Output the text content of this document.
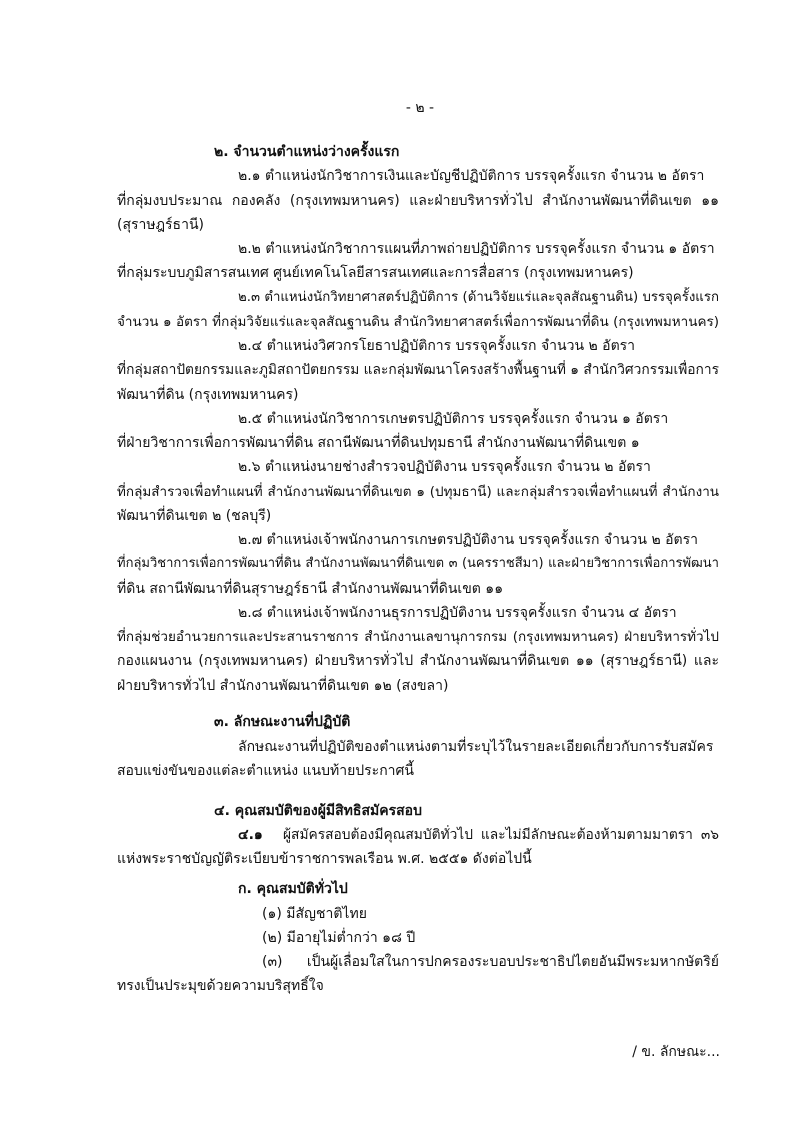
- ๒ -
๒. จำนวนตำแหน่งว่างครั้งแรก
๒.๑ ตำแหน่งนักวิชาการเงินและบัญชีปฏิบัติการ บรรจุครั้งแรก จำนวน ๒ อัตรา
ที่กลุ่มงบประมาณ กองคลัง (กรุงเทพมหานคร) และฝ่ายบริหารทั่วไป สำนักงานพัฒนาที่ดินเขต ๑๑
(สุราษฎร์ธานี)
๒.๒ ตำแหน่งนักวิชาการแผนที่ภาพถ่ายปฏิบัติการ บรรจุครั้งแรก จำนวน ๑ อัตรา
ที่กลุ่มระบบภูมิสารสนเทศ ศูนย์เทคโนโลยีสารสนเทศและการสื่อสาร (กรุงเทพมหานคร)
๒.๓ ตำแหน่งนักวิทยาศาสตร์ปฏิบัติการ (ด้านวิจัยแร่และจุลสัณฐานดิน) บรรจุครั้งแรก
จำนวน ๑ อัตรา ที่กลุ่มวิจัยแร่และจุลสัณฐานดิน สำนักวิทยาศาสตร์เพื่อการพัฒนาที่ดิน (กรุงเทพมหานคร)
๒.๔ ตำแหน่งวิศวกรโยธาปฏิบัติการ บรรจุครั้งแรก จำนวน ๒ อัตรา
ที่กลุ่มสถาปัตยกรรมและภูมิสถาปัตยกรรม และกลุ่มพัฒนาโครงสร้างพื้นฐานที่ ๑ สำนักวิศวกรรมเพื่อการ
พัฒนาที่ดิน (กรุงเทพมหานคร)
๒.๕ ตำแหน่งนักวิชาการเกษตรปฏิบัติการ บรรจุครั้งแรก จำนวน ๑ อัตรา
ที่ฝ่ายวิชาการเพื่อการพัฒนาที่ดิน สถานีพัฒนาที่ดินปทุมธานี สำนักงานพัฒนาที่ดินเขต ๑
๒.๖ ตำแหน่งนายช่างสำรวจปฏิบัติงาน บรรจุครั้งแรก จำนวน ๒ อัตรา
ที่กลุ่มสำรวจเพื่อทำแผนที่ สำนักงานพัฒนาที่ดินเขต ๑ (ปทุมธานี) และกลุ่มสำรวจเพื่อทำแผนที่ สำนักงาน
พัฒนาที่ดินเขต ๒ (ชลบุรี)
๒.๗ ตำแหน่งเจ้าพนักงานการเกษตรปฏิบัติงาน บรรจุครั้งแรก จำนวน ๒ อัตรา
ที่กลุ่มวิชาการเพื่อการพัฒนาที่ดิน สำนักงานพัฒนาที่ดินเขต ๓ (นครราชสีมา) และฝ่ายวิชาการเพื่อการพัฒนา
ที่ดิน สถานีพัฒนาที่ดินสุราษฎร์ธานี สำนักงานพัฒนาที่ดินเขต ๑๑
๒.๘ ตำแหน่งเจ้าพนักงานธุรการปฏิบัติงาน บรรจุครั้งแรก จำนวน ๔ อัตรา
ที่กลุ่มช่วยอำนวยการและประสานราชการ สำนักงานเลขานุการกรม (กรุงเทพมหานคร) ฝ่ายบริหารทั่วไป
กองแผนงาน (กรุงเทพมหานคร) ฝ่ายบริหารทั่วไป สำนักงานพัฒนาที่ดินเขต ๑๑ (สุราษฎร์ธานี) และ
ฝ่ายบริหารทั่วไป สำนักงานพัฒนาที่ดินเขต ๑๒ (สงขลา)
๓. ลักษณะงานที่ปฏิบัติ
ลักษณะงานที่ปฏิบัติของตำแหน่งตามที่ระบุไว้ในรายละเอียดเกี่ยวกับการรับสมัคร
สอบแข่งขันของแต่ละตำแหน่ง แนบท้ายประกาศนี้
๔. คุณสมบัติของผู้มีสิทธิสมัครสอบ
๔.๑ ผู้สมัครสอบต้องมีคุณสมบัติทั่วไป และไม่มีลักษณะต้องห้ามตามมาตรา ๓๖
แห่งพระราชบัญญัติระเบียบข้าราชการพลเรือน พ.ศ. ๒๕๕๑ ดังต่อไปนี้
ก. คุณสมบัติทั่วไป
(๑) มีสัญชาติไทย
(๒) มีอายุไม่ต่ำกว่า ๑๘ ปี
(๓) เป็นผู้เลื่อมใสในการปกครองระบอบประชาธิปไตยอันมีพระมหากษัตริย์
ทรงเป็นประมุขด้วยความบริสุทธิ์ใจ
/ ข. ลักษณะ...
